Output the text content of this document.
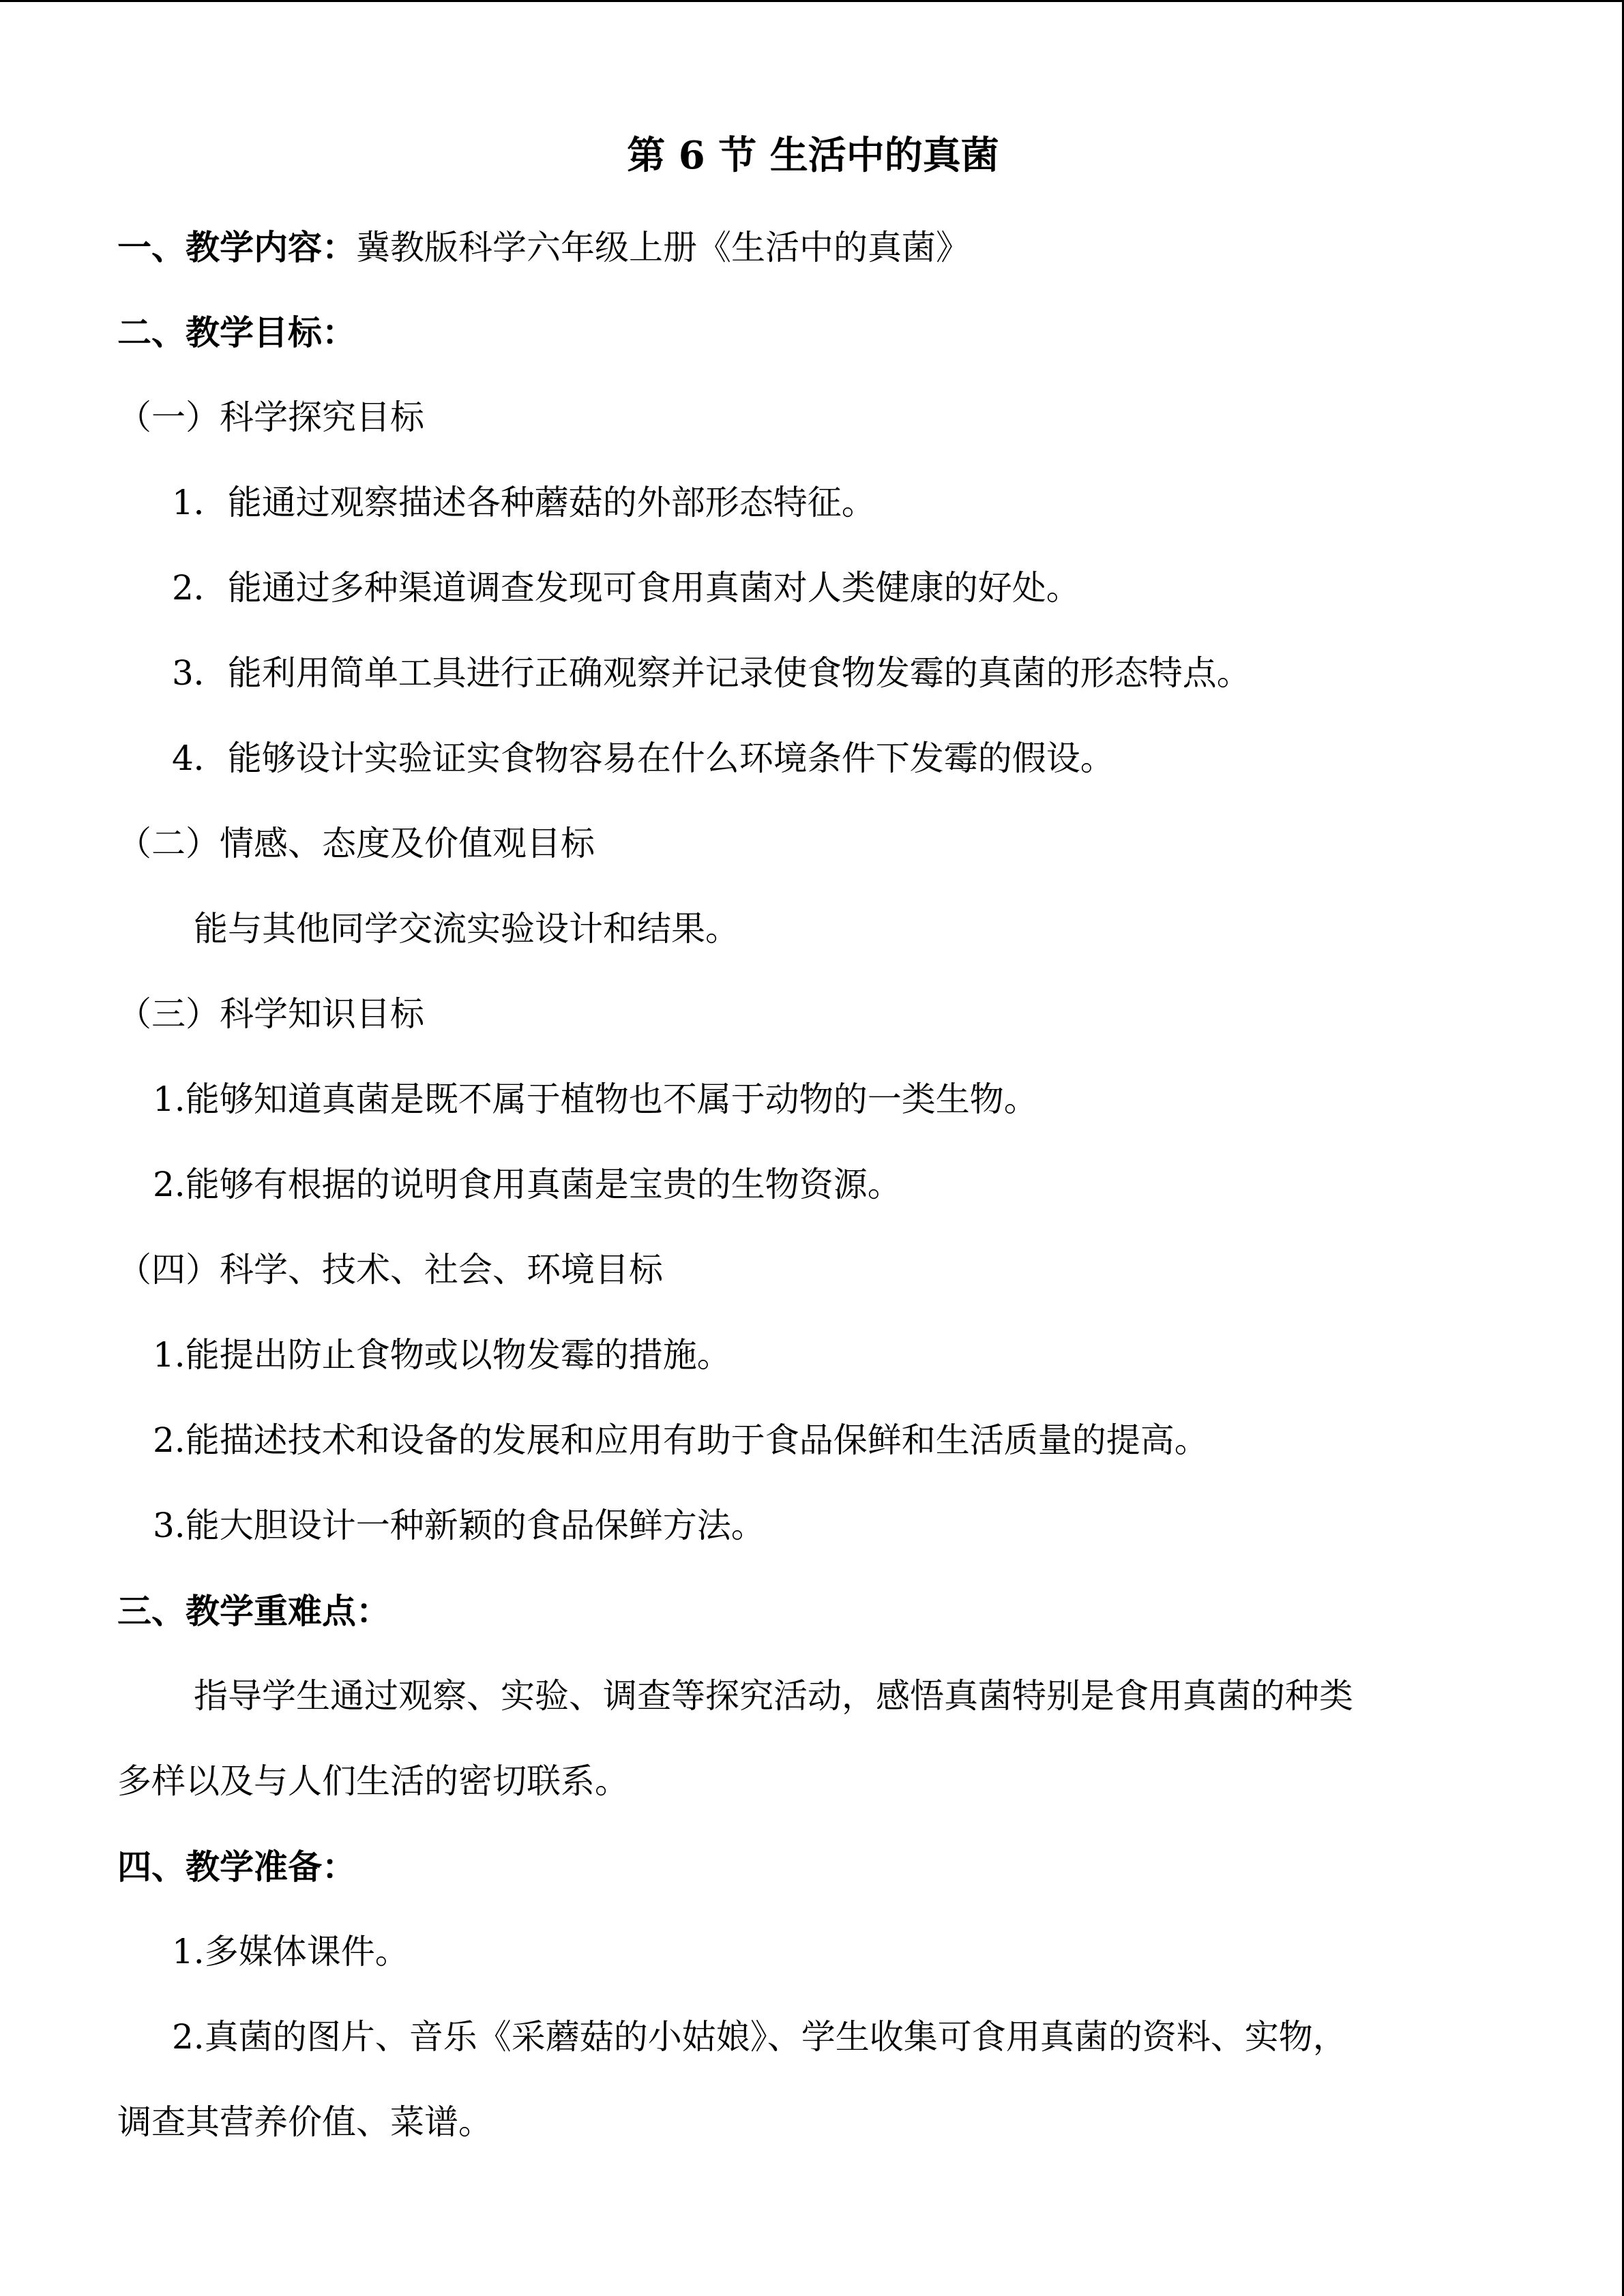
第 6 节 生活中的真菌
一、教学内容：冀教版科学六年级上册《生活中的真菌》
二、教学目标：
（一）科学探究目标
1．能通过观察描述各种蘑菇的外部形态特征。
2．能通过多种渠道调查发现可食用真菌对人类健康的好处。
3．能利用简单工具进行正确观察并记录使食物发霉的真菌的形态特点。
4．能够设计实验证实食物容易在什么环境条件下发霉的假设。
（二）情感、态度及价值观目标
能与其他同学交流实验设计和结果。
（三）科学知识目标
1.能够知道真菌是既不属于植物也不属于动物的一类生物。
2.能够有根据的说明食用真菌是宝贵的生物资源。
（四）科学、技术、社会、环境目标
1.能提出防止食物或以物发霉的措施。
2.能描述技术和设备的发展和应用有助于食品保鲜和生活质量的提高。
3.能大胆设计一种新颖的食品保鲜方法。
三、教学重难点：
指导学生通过观察、实验、调查等探究活动，感悟真菌特别是食用真菌的种类
多样以及与人们生活的密切联系。
四、教学准备：
1.多媒体课件。
2.真菌的图片、音乐《采蘑菇的小姑娘》、学生收集可食用真菌的资料、实物，
调查其营养价值、菜谱。
